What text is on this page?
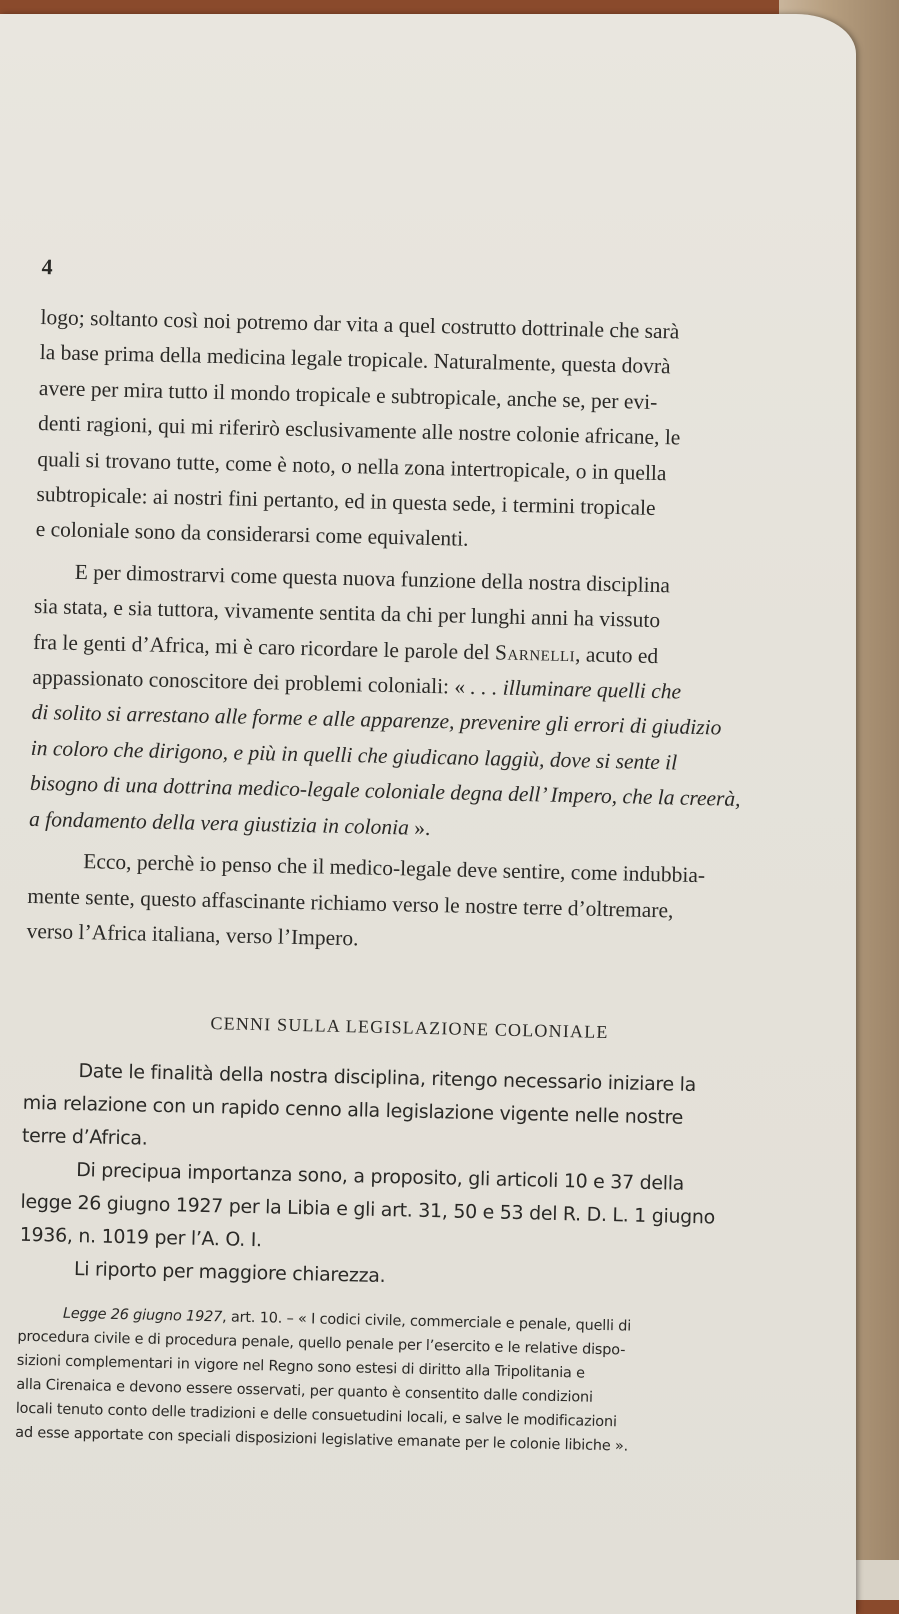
4
logo; soltanto così noi potremo dar vita a quel costrutto dottrinale che sarà
la base prima della medicina legale tropicale. Naturalmente, questa dovrà
avere per mira tutto il mondo tropicale e subtropicale, anche se, per evi-
denti ragioni, qui mi riferirò esclusivamente alle nostre colonie africane, le
quali si trovano tutte, come è noto, o nella zona intertropicale, o in quella
subtropicale: ai nostri fini pertanto, ed in questa sede, i termini tropicale
e coloniale sono da considerarsi come equivalenti.
E per dimostrarvi come questa nuova funzione della nostra disciplina
sia stata, e sia tuttora, vivamente sentita da chi per lunghi anni ha vissuto
fra le genti d’Africa, mi è caro ricordare le parole del Sarnelli, acuto ed
appassionato conoscitore dei problemi coloniali: « . . . illuminare quelli che
di solito si arrestano alle forme e alle apparenze, prevenire gli errori di giudizio
in coloro che dirigono, e più in quelli che giudicano laggiù, dove si sente il
bisogno di una dottrina medico-legale coloniale degna dell’ Impero, che la creerà,
a fondamento della vera giustizia in colonia ».
Ecco, perchè io penso che il medico-legale deve sentire, come indubbia-
mente sente, questo affascinante richiamo verso le nostre terre d’oltremare,
verso l’Africa italiana, verso l’Impero.
CENNI SULLA LEGISLAZIONE COLONIALE
Date le finalità della nostra disciplina, ritengo necessario iniziare la
mia relazione con un rapido cenno alla legislazione vigente nelle nostre
terre d’Africa.
Di precipua importanza sono, a proposito, gli articoli 10 e 37 della
legge 26 giugno 1927 per la Libia e gli art. 31, 50 e 53 del R. D. L. 1 giugno
1936, n. 1019 per l’A. O. I.
Li riporto per maggiore chiarezza.
Legge 26 giugno 1927, art. 10. – « I codici civile, commerciale e penale, quelli di
procedura civile e di procedura penale, quello penale per l’esercito e le relative dispo-
sizioni complementari in vigore nel Regno sono estesi di diritto alla Tripolitania e
alla Cirenaica e devono essere osservati, per quanto è consentito dalle condizioni
locali tenuto conto delle tradizioni e delle consuetudini locali, e salve le modificazioni
ad esse apportate con speciali disposizioni legislative emanate per le colonie libiche ».
